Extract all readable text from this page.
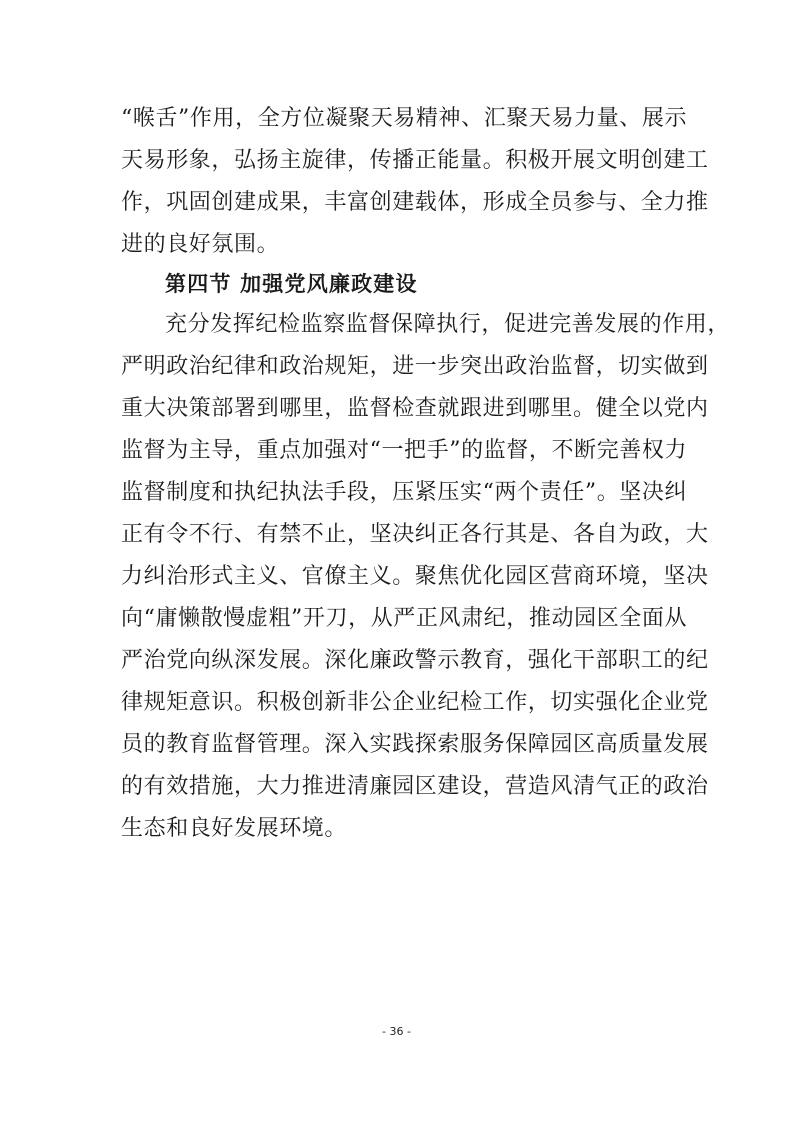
“喉舌”作用，全方位凝聚天易精神、汇聚天易力量、展示
天易形象，弘扬主旋律，传播正能量。积极开展文明创建工
作，巩固创建成果，丰富创建载体，形成全员参与、全力推
进的良好氛围。
第四节 加强党风廉政建设
充分发挥纪检监察监督保障执行，促进完善发展的作用，
严明政治纪律和政治规矩，进一步突出政治监督，切实做到
重大决策部署到哪里，监督检查就跟进到哪里。健全以党内
监督为主导，重点加强对“一把手”的监督，不断完善权力
监督制度和执纪执法手段，压紧压实“两个责任”。坚决纠
正有令不行、有禁不止，坚决纠正各行其是、各自为政，大
力纠治形式主义、官僚主义。聚焦优化园区营商环境，坚决
向“庸懒散慢虚粗”开刀，从严正风肃纪，推动园区全面从
严治党向纵深发展。深化廉政警示教育，强化干部职工的纪
律规矩意识。积极创新非公企业纪检工作，切实强化企业党
员的教育监督管理。深入实践探索服务保障园区高质量发展
的有效措施，大力推进清廉园区建设，营造风清气正的政治
生态和良好发展环境。
- 36 -
